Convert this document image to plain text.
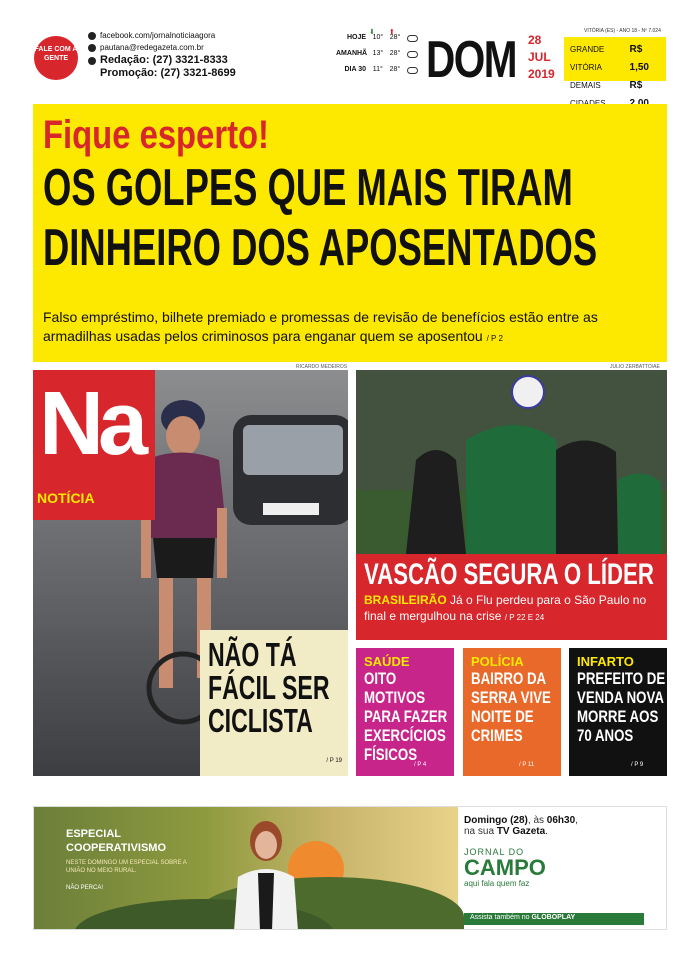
FALE COM A GENTE
facebook.com/jornalnoticiaagora
pautana@redegazeta.com.br
Redação: (27) 3321-8333
Promoção: (27) 3321-8699
⬇ ⬆
HOJE 10° 28°
AMANHÃ 13° 28°
DIA 30 11° 28° DOM 28
JUL
2019
VITÓRIA (ES) - ANO 18 - Nº 7.024
GRANDE VITÓRIA
R$ 1,50
DEMAIS	R$
Fique esperto!
OS GOLPES QUE MAIS TIRAM
DINHEIRO DOS APOSENTADOS
Falso empréstimo, bilhete premiado e promessas de revisão de benefícios estão entre as armadilhas usadas pelos criminosos para enganar quem se aposentou / P 2
RICARDO MEDEIROS	JULIO ZERBATTO/AE
Na
NOTÍCIA
NÃO TÁ FÁCIL SER CICLISTA
/ P 19
VASCÃO SEGURA O LÍDER
BRASILEIRÃO Já o Flu perdeu para o São Paulo no final e mergulhou na crise / P 22 E 24
SAÚDE
OITO MOTIVOS PARA FAZER EXERCÍCIOS FÍSICOS
/ P 4
POLÍCIA
BAIRRO DA SERRA VIVE NOITE DE CRIMES
/ P 11
INFARTO
PREFEITO DE VENDA NOVA MORRE AOS 70 ANOS
/ P 9
ESPECIAL
COOPERATIVISMO
NESTE DOMINGO UM ESPECIAL SOBRE A UNIÃO NO MEIO RURAL.
NÃO PERCA!
Domingo (28), às 06h30,
na sua TV Gazeta.
JORNAL DO
CAMPO
aqui fala quem faz
Assista também no GLOBOPLAY
